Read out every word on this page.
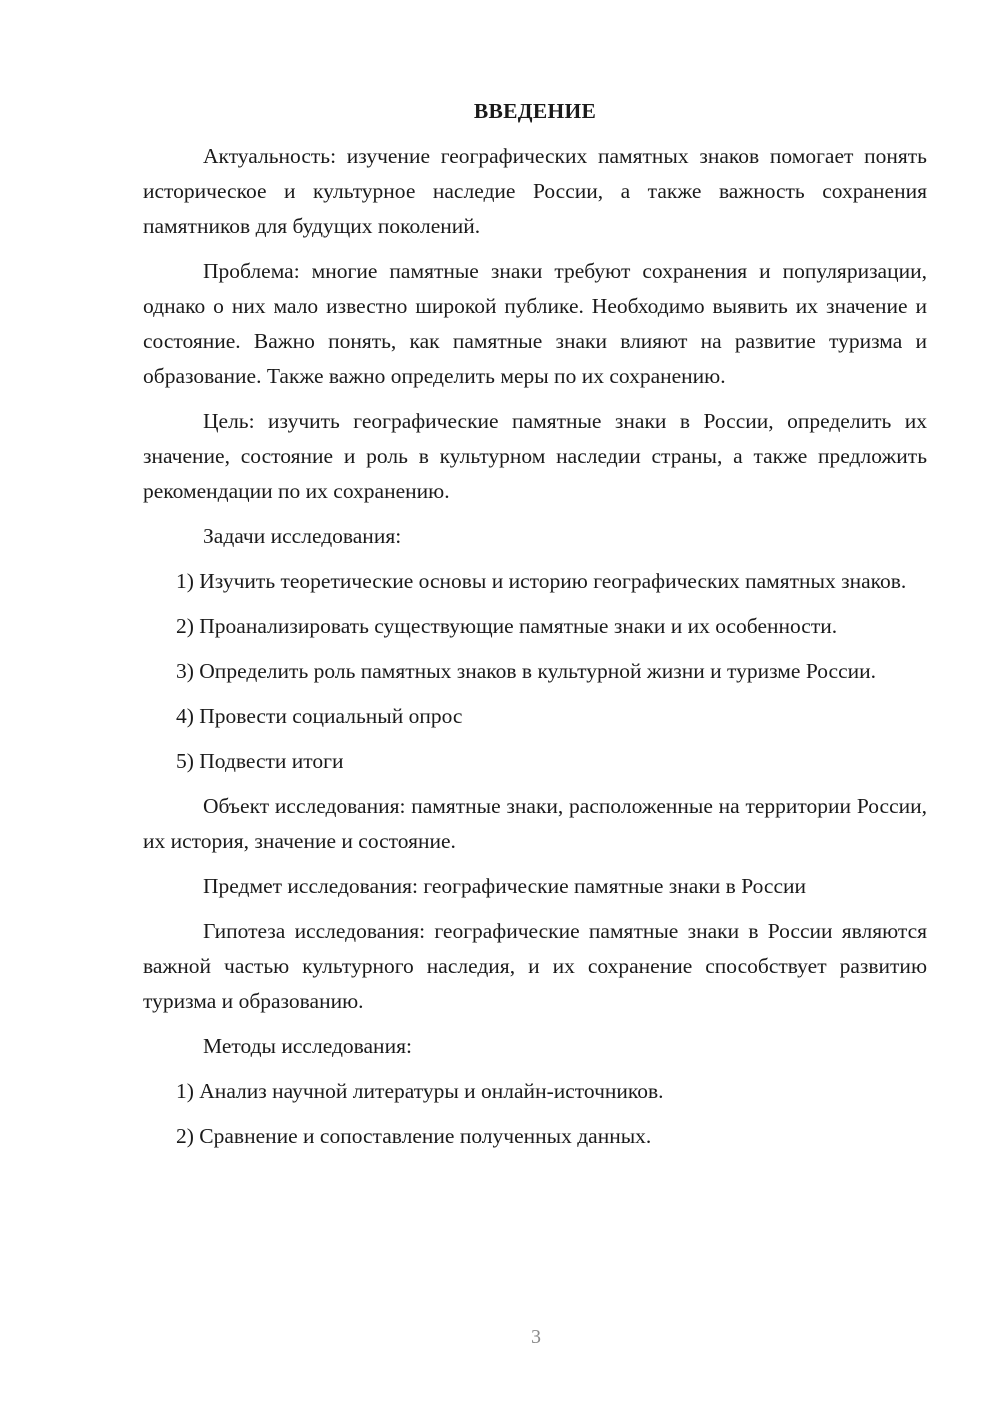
ВВЕДЕНИЕ

Актуальность: изучение географических памятных знаков помогает понять историческое и культурное наследие России, а также важность сохранения памятников для будущих поколений.

Проблема: многие памятные знаки требуют сохранения и популяризации, однако о них мало известно широкой публике. Необходимо выявить их значение и состояние. Важно понять, как памятные знаки влияют на развитие туризма и образование. Также важно определить меры по их сохранению.

Цель: изучить географические памятные знаки в России, определить их значение, состояние и роль в культурном наследии страны, а также предложить рекомендации по их сохранению.

Задачи исследования:

1) Изучить теоретические основы и историю географических памятных знаков.

2) Проанализировать существующие памятные знаки и их особенности.

3) Определить роль памятных знаков в культурной жизни и туризме России.

4) Провести социальный опрос

5) Подвести итоги

Объект исследования: памятные знаки, расположенные на территории России, их история, значение и состояние.

Предмет исследования: географические памятные знаки в России

Гипотеза исследования: географические памятные знаки в России являются важной частью культурного наследия, и их сохранение способствует развитию туризма и образованию.

Методы исследования:

1) Анализ научной литературы и онлайн-источников.

2) Сравнение и сопоставление полученных данных.

3
